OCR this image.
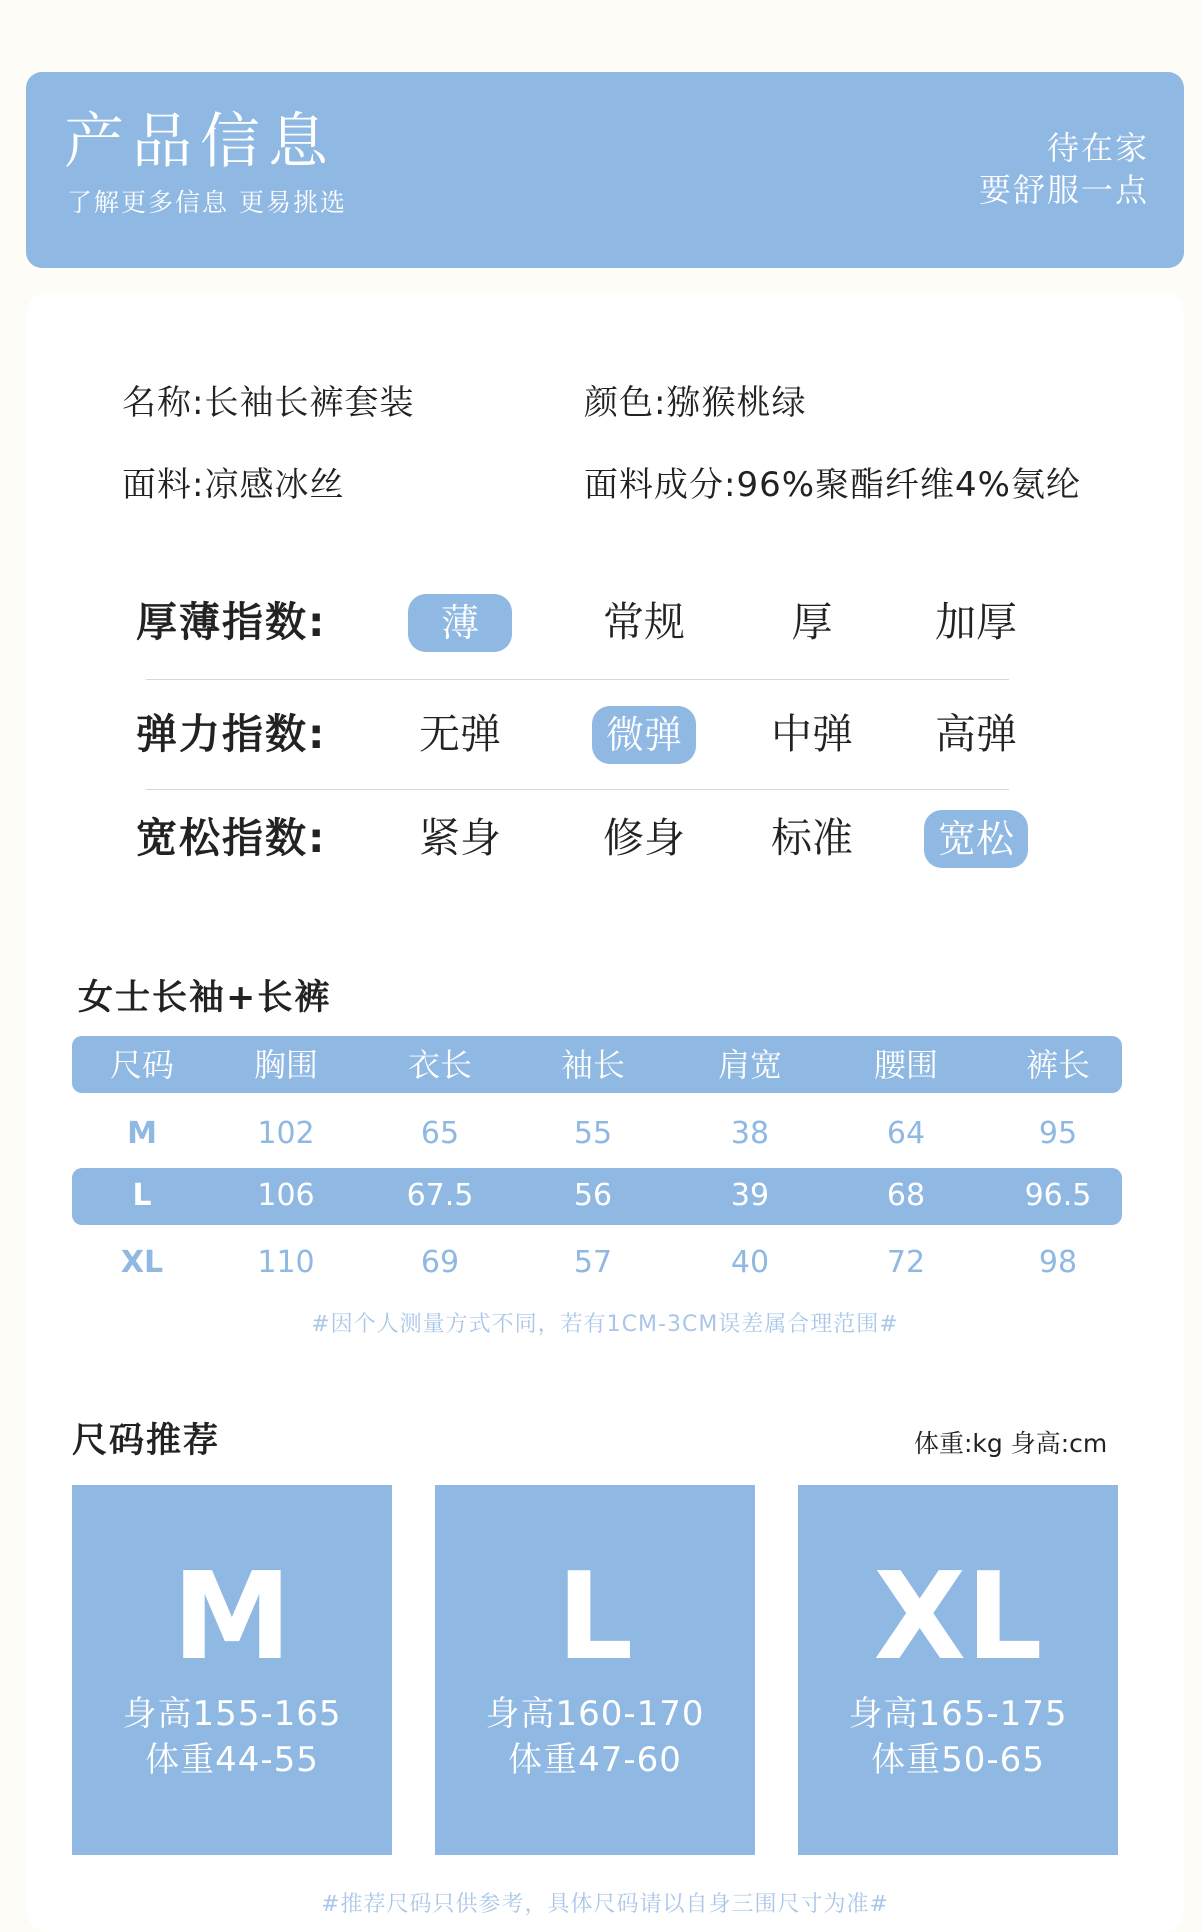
产品信息
了解更多信息 更易挑选
待在家
要舒服一点
名称:长袖长裤套装	颜色:猕猴桃绿
面料:凉感冰丝	面料成分:96%聚酯纤维4%氨纶
厚薄指数:	薄	常规	厚	加厚
弹力指数:	无弹	微弹	中弹	高弹
宽松指数:	紧身	修身	标准	宽松
女士长袖+长裤
尺码	胸围	衣长	袖长	肩宽	腰围	裤长
M	102	65	55	38	64	95
L	106	67.5	56	39	68	96.5
XL	110	69	57	40	72	98
#因个人测量方式不同，若有1CM-3CM误差属合理范围#
尺码推荐	体重:kg 身高:cm
M
身高155-165
体重44-55
L
身高160-170
体重47-60
XL
身高165-175
体重50-65
#推荐尺码只供参考，具体尺码请以自身三围尺寸为准#
